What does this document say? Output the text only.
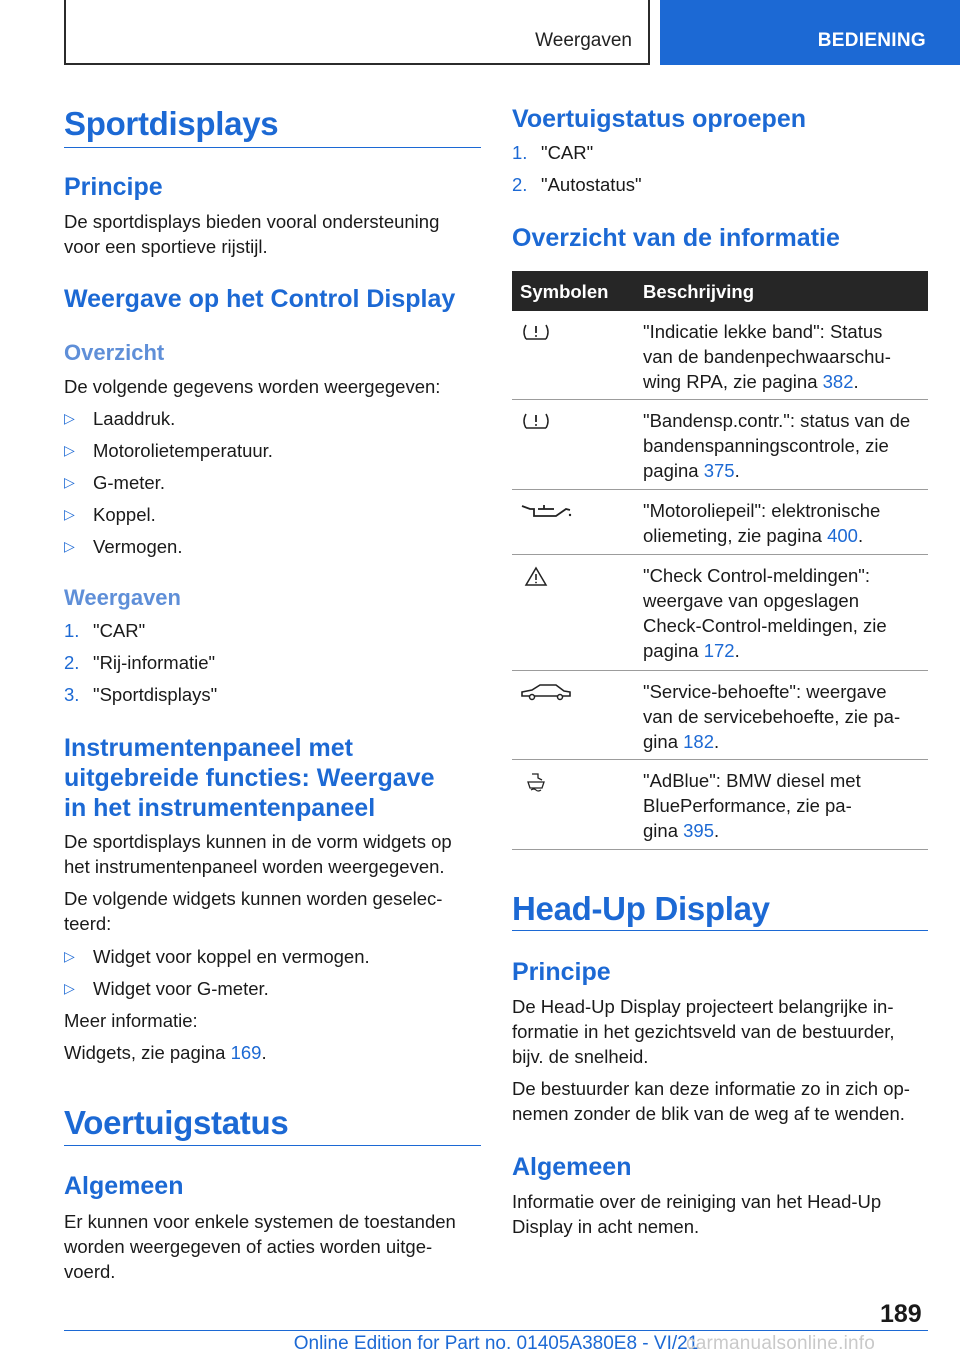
Weergaven	BEDIENING
Sportdisplays
Principe
De sportdisplays bieden vooral ondersteuning
voor een sportieve rijstijl.
Weergave op het Control Display
Overzicht
De volgende gegevens worden weergegeven:
▷ Laaddruk.
▷ Motorolietemperatuur.
▷ G-meter.
▷ Koppel.
▷ Vermogen.
Weergaven
1. "CAR"
2. "Rij-informatie"
3. "Sportdisplays"
Instrumentenpaneel met
uitgebreide functies: Weergave
in het instrumentenpaneel
De sportdisplays kunnen in de vorm widgets op
het instrumentenpaneel worden weergegeven.
De volgende widgets kunnen worden geselec-
teerd:
▷ Widget voor koppel en vermogen.
▷ Widget voor G-meter.
Meer informatie:
Widgets, zie pagina 169.
Voertuigstatus
Algemeen
Er kunnen voor enkele systemen de toestanden
worden weergegeven of acties worden uitge-
voerd.
Voertuigstatus oproepen
1. "CAR"
2. "Autostatus"
Overzicht van de informatie
Symbolen Beschrijving
"Indicatie lekke band": Status
van de bandenpechwaarschu-
wing RPA, zie pagina 382.
"Bandensp.contr.": status van de
bandenspanningscontrole, zie
pagina 375.
"Motoroliepeil": elektronische
oliemeting, zie pagina 400.
"Check Control-meldingen":
weergave van opgeslagen
Check-Control-meldingen, zie
pagina 172.
"Service-behoefte": weergave
van de servicebehoefte, zie pa-
gina 182.
"AdBlue": BMW diesel met
BluePerformance, zie pa-
gina 395.
Head-Up Display
Principe
De Head-Up Display projecteert belangrijke in-
formatie in het gezichtsveld van de bestuurder,
bijv. de snelheid.
De bestuurder kan deze informatie zo in zich op-
nemen zonder de blik van de weg af te wenden.
Algemeen
Informatie over de reiniging van het Head-Up
Display in acht nemen.
189
Online Edition for Part no. 01405A380E8 - VI/21
carmanualsonline.info
